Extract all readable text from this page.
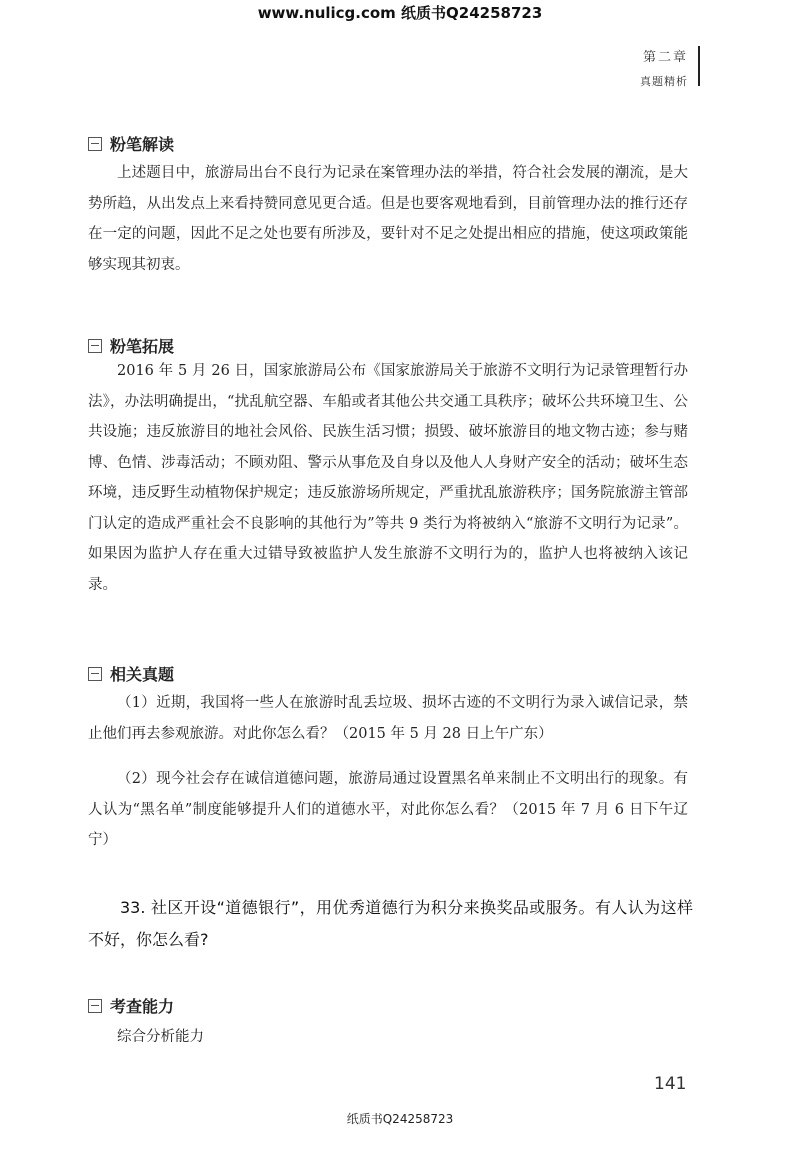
www.nulicg.com 纸质书Q24258723
第二章
真题精析
粉笔解读
上述题目中，旅游局出台不良行为记录在案管理办法的举措，符合社会发展的潮流，是大势所趋，从出发点上来看持赞同意见更合适。但是也要客观地看到，目前管理办法的推行还存在一定的问题，因此不足之处也要有所涉及，要针对不足之处提出相应的措施，使这项政策能够实现其初衷。
粉笔拓展
2016 年 5 月 26 日，国家旅游局公布《国家旅游局关于旅游不文明行为记录管理暂行办法》，办法明确提出，“扰乱航空器、车船或者其他公共交通工具秩序；破坏公共环境卫生、公共设施；违反旅游目的地社会风俗、民族生活习惯；损毁、破坏旅游目的地文物古迹；参与赌博、色情、涉毒活动；不顾劝阻、警示从事危及自身以及他人人身财产安全的活动；破坏生态环境，违反野生动植物保护规定；违反旅游场所规定，严重扰乱旅游秩序；国务院旅游主管部门认定的造成严重社会不良影响的其他行为”等共 9 类行为将被纳入“旅游不文明行为记录”。如果因为监护人存在重大过错导致被监护人发生旅游不文明行为的，监护人也将被纳入该记录。
相关真题
（1）近期，我国将一些人在旅游时乱丢垃圾、损坏古迹的不文明行为录入诚信记录，禁止他们再去参观旅游。对此你怎么看？（2015 年 5 月 28 日上午广东）
（2）现今社会存在诚信道德问题，旅游局通过设置黑名单来制止不文明出行的现象。有人认为“黑名单”制度能够提升人们的道德水平，对此你怎么看？（2015 年 7 月 6 日下午辽宁）
33. 社区开设“道德银行”，用优秀道德行为积分来换奖品或服务。有人认为这样不好，你怎么看?
考查能力
综合分析能力
141
纸质书Q24258723
